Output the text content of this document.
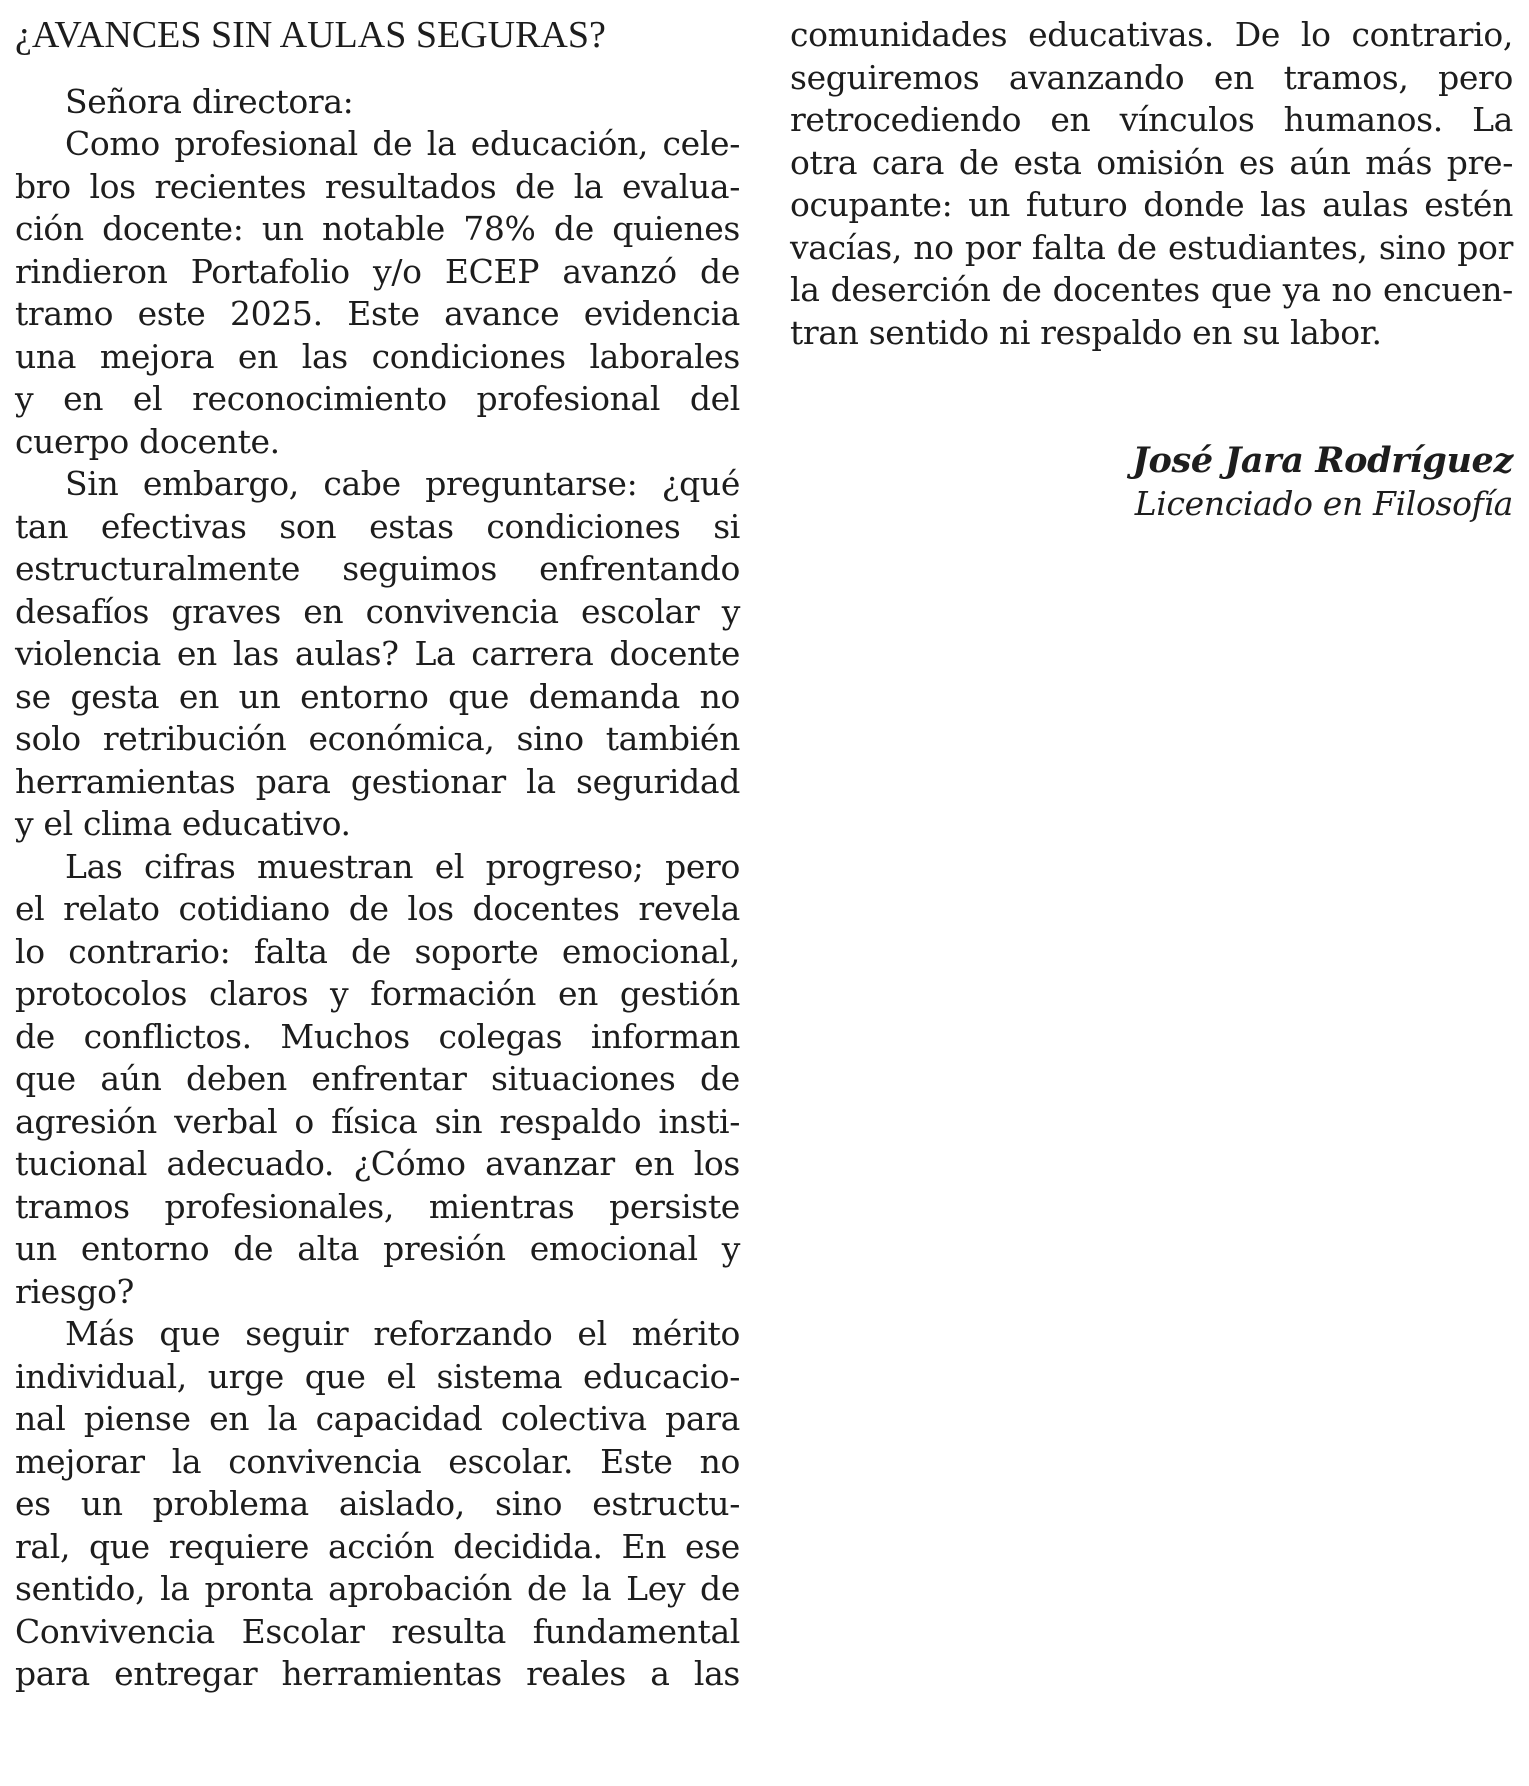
¿AVANCES SIN AULAS SEGURAS?
Señora directora:
Como profesional de la educación, cele-
bro los recientes resultados de la evalua-
ción docente: un notable 78% de quienes
rindieron Portafolio y/o ECEP avanzó de
tramo este 2025. Este avance evidencia
una mejora en las condiciones laborales
y en el reconocimiento profesional del
cuerpo docente.
Sin embargo, cabe preguntarse: ¿qué
tan efectivas son estas condiciones si
estructuralmente seguimos enfrentando
desafíos graves en convivencia escolar y
violencia en las aulas? La carrera docente
se gesta en un entorno que demanda no
solo retribución económica, sino también
herramientas para gestionar la seguridad
y el clima educativo.
Las cifras muestran el progreso; pero
el relato cotidiano de los docentes revela
lo contrario: falta de soporte emocional,
protocolos claros y formación en gestión
de conflictos. Muchos colegas informan
que aún deben enfrentar situaciones de
agresión verbal o física sin respaldo insti-
tucional adecuado. ¿Cómo avanzar en los
tramos profesionales, mientras persiste
un entorno de alta presión emocional y
riesgo?
Más que seguir reforzando el mérito
individual, urge que el sistema educacio-
nal piense en la capacidad colectiva para
mejorar la convivencia escolar. Este no
es un problema aislado, sino estructu-
ral, que requiere acción decidida. En ese
sentido, la pronta aprobación de la Ley de
Convivencia Escolar resulta fundamental
para entregar herramientas reales a las
comunidades educativas. De lo contrario,
seguiremos avanzando en tramos, pero
retrocediendo en vínculos humanos. La
otra cara de esta omisión es aún más pre-
ocupante: un futuro donde las aulas estén
vacías, no por falta de estudiantes, sino por
la deserción de docentes que ya no encuen-
tran sentido ni respaldo en su labor.
José Jara Rodríguez
Licenciado en Filosofía
